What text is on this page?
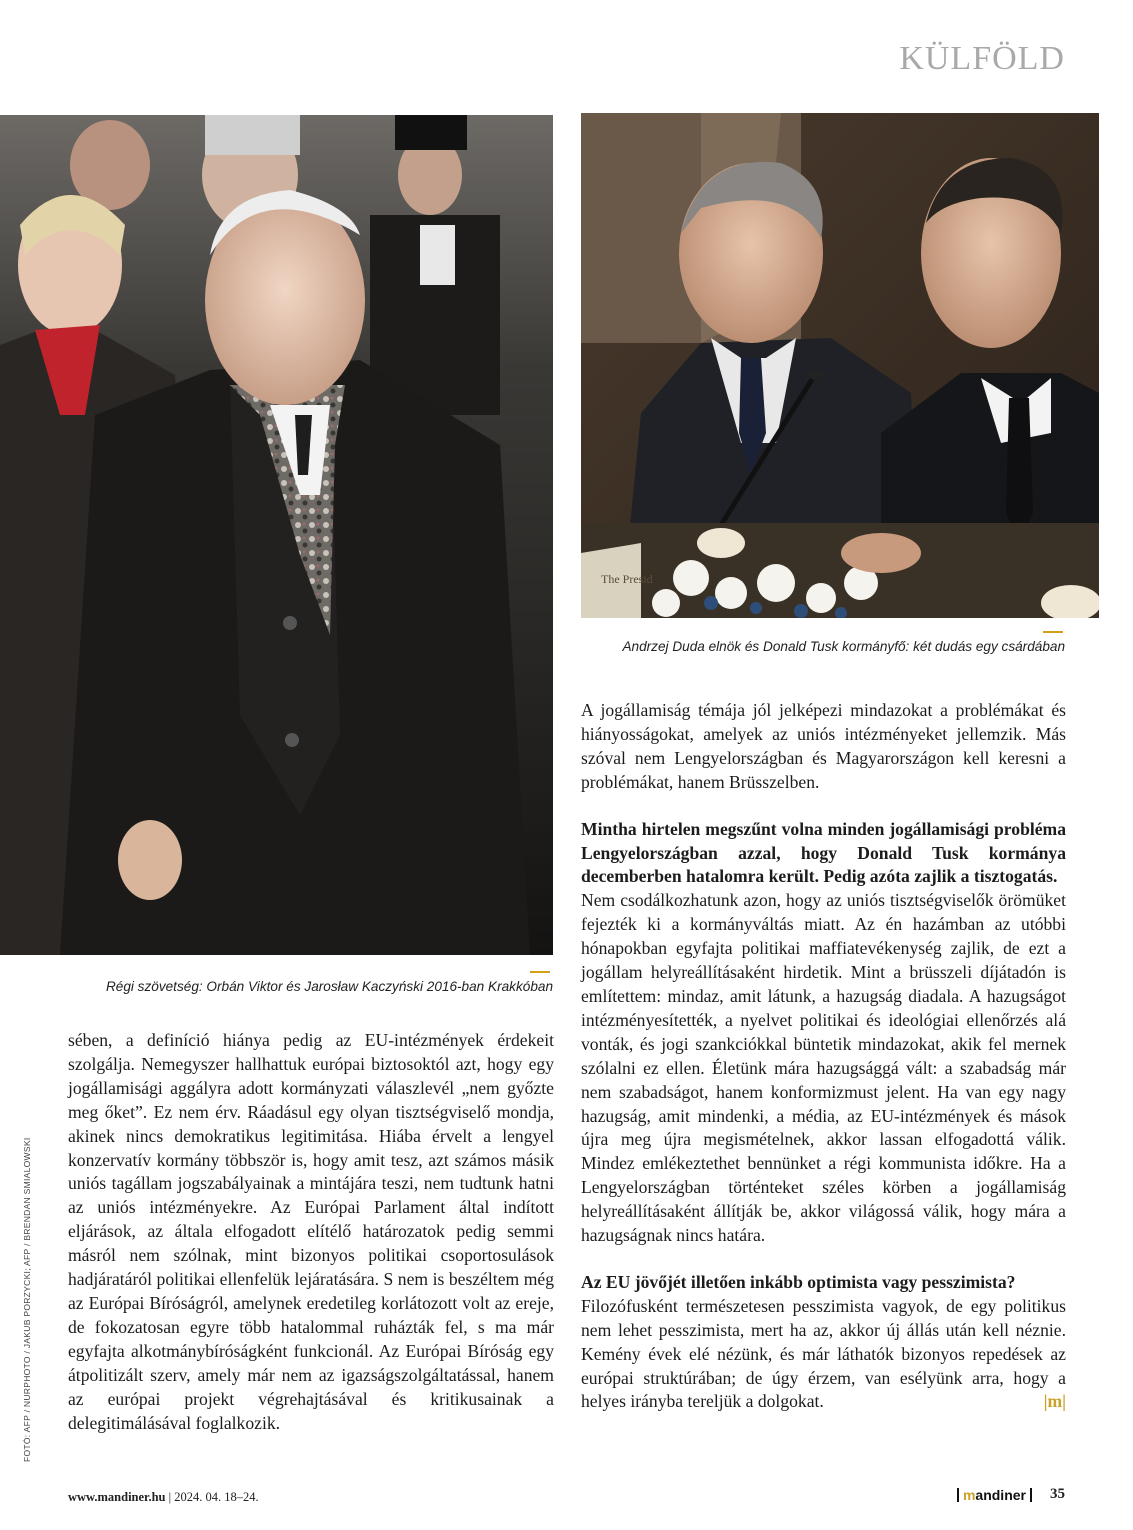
KÜLFÖLD
Régi szövetség: Orbán Viktor és Jarosław Kaczyński 2016-ban Krakkóban
The Presid
Andrzej Duda elnök és Donald Tusk kormányfő: két dudás egy csárdában

sében, a definíció hiánya pedig az EU-intézmények érdekeit szolgálja. Nemegyszer hallhattuk európai biztosoktól azt, hogy egy jogállamisági aggályra adott kormányzati válaszlevél „nem győzte meg őket”. Ez nem érv. Ráadásul egy olyan tisztségviselő mondja, akinek nincs demokratikus legitimitása. Hiába érvelt a lengyel konzervatív kormány többször is, hogy amit tesz, azt számos másik uniós tagállam jogszabályainak a mintájára teszi, nem tudtunk hatni az uniós intézményekre. Az Európai Parlament által indított eljárások, az általa elfogadott elítélő határozatok pedig semmi másról nem szólnak, mint bizonyos politikai csoportosulások hadjáratáról politikai ellenfelük lejáratására. S nem is beszéltem még az Európai Bíróságról, amelynek eredetileg korlátozott volt az ereje, de fokozatosan egyre több hatalommal ruházták fel, s ma már egyfajta alkotmánybíróságként funkcionál. Az Európai Bíróság egy átpolitizált szerv, amely már nem az igazságszolgáltatással, hanem az európai projekt végrehajtásával és kritikusainak a delegitimálásával foglalkozik.

A jogállamiság témája jól jelképezi mindazokat a problémákat és hiányosságokat, amelyek az uniós intézményeket jellemzik. Más szóval nem Lengyelországban és Magyarországon kell keresni a problémákat, hanem Brüsszelben.

Mintha hirtelen megszűnt volna minden jogállamisági probléma Lengyelországban azzal, hogy Donald Tusk kormánya decemberben hatalomra került. Pedig azóta zajlik a tisztogatás.

Nem csodálkozhatunk azon, hogy az uniós tisztségviselők örömüket fejezték ki a kormányváltás miatt. Az én hazámban az utóbbi hónapokban egyfajta politikai maffiatevékenység zajlik, de ezt a jogállam helyreállításaként hirdetik. Mint a brüsszeli díjátadón is említettem: mindaz, amit látunk, a hazugság diadala. A hazugságot intézményesítették, a nyelvet politikai és ideológiai ellenőrzés alá vonták, és jogi szankciókkal büntetik mindazokat, akik fel mernek szólalni ez ellen. Életünk mára hazugsággá vált: a szabadság már nem szabadságot, hanem konformizmust jelent. Ha van egy nagy hazugság, amit mindenki, a média, az EU-intézmények és mások újra meg újra megismételnek, akkor lassan elfogadottá válik. Mindez emlékeztethet bennünket a régi kommunista időkre. Ha a Lengyelországban történteket széles körben a jogállamiság helyreállításaként állítják be, akkor világossá válik, hogy mára a hazugságnak nincs határa.

Az EU jövőjét illetően inkább optimista vagy pesszimista?

Filozófusként természetesen pesszimista vagyok, de egy politikus nem lehet pesszimista, mert ha az, akkor új állás után kell néznie. Kemény évek elé nézünk, és már láthatók bizonyos repedések az európai struktúrában; de úgy érzem, van esélyünk arra, hogy a helyes irányba tereljük a dolgokat.	|m|

FOTÓ: AFP / NURPHOTO / JAKUB PORZYCKI; AFP / BRENDAN SMIALOWSKI
www.mandiner.hu | 2024. 04. 18–24.	mandiner	35
